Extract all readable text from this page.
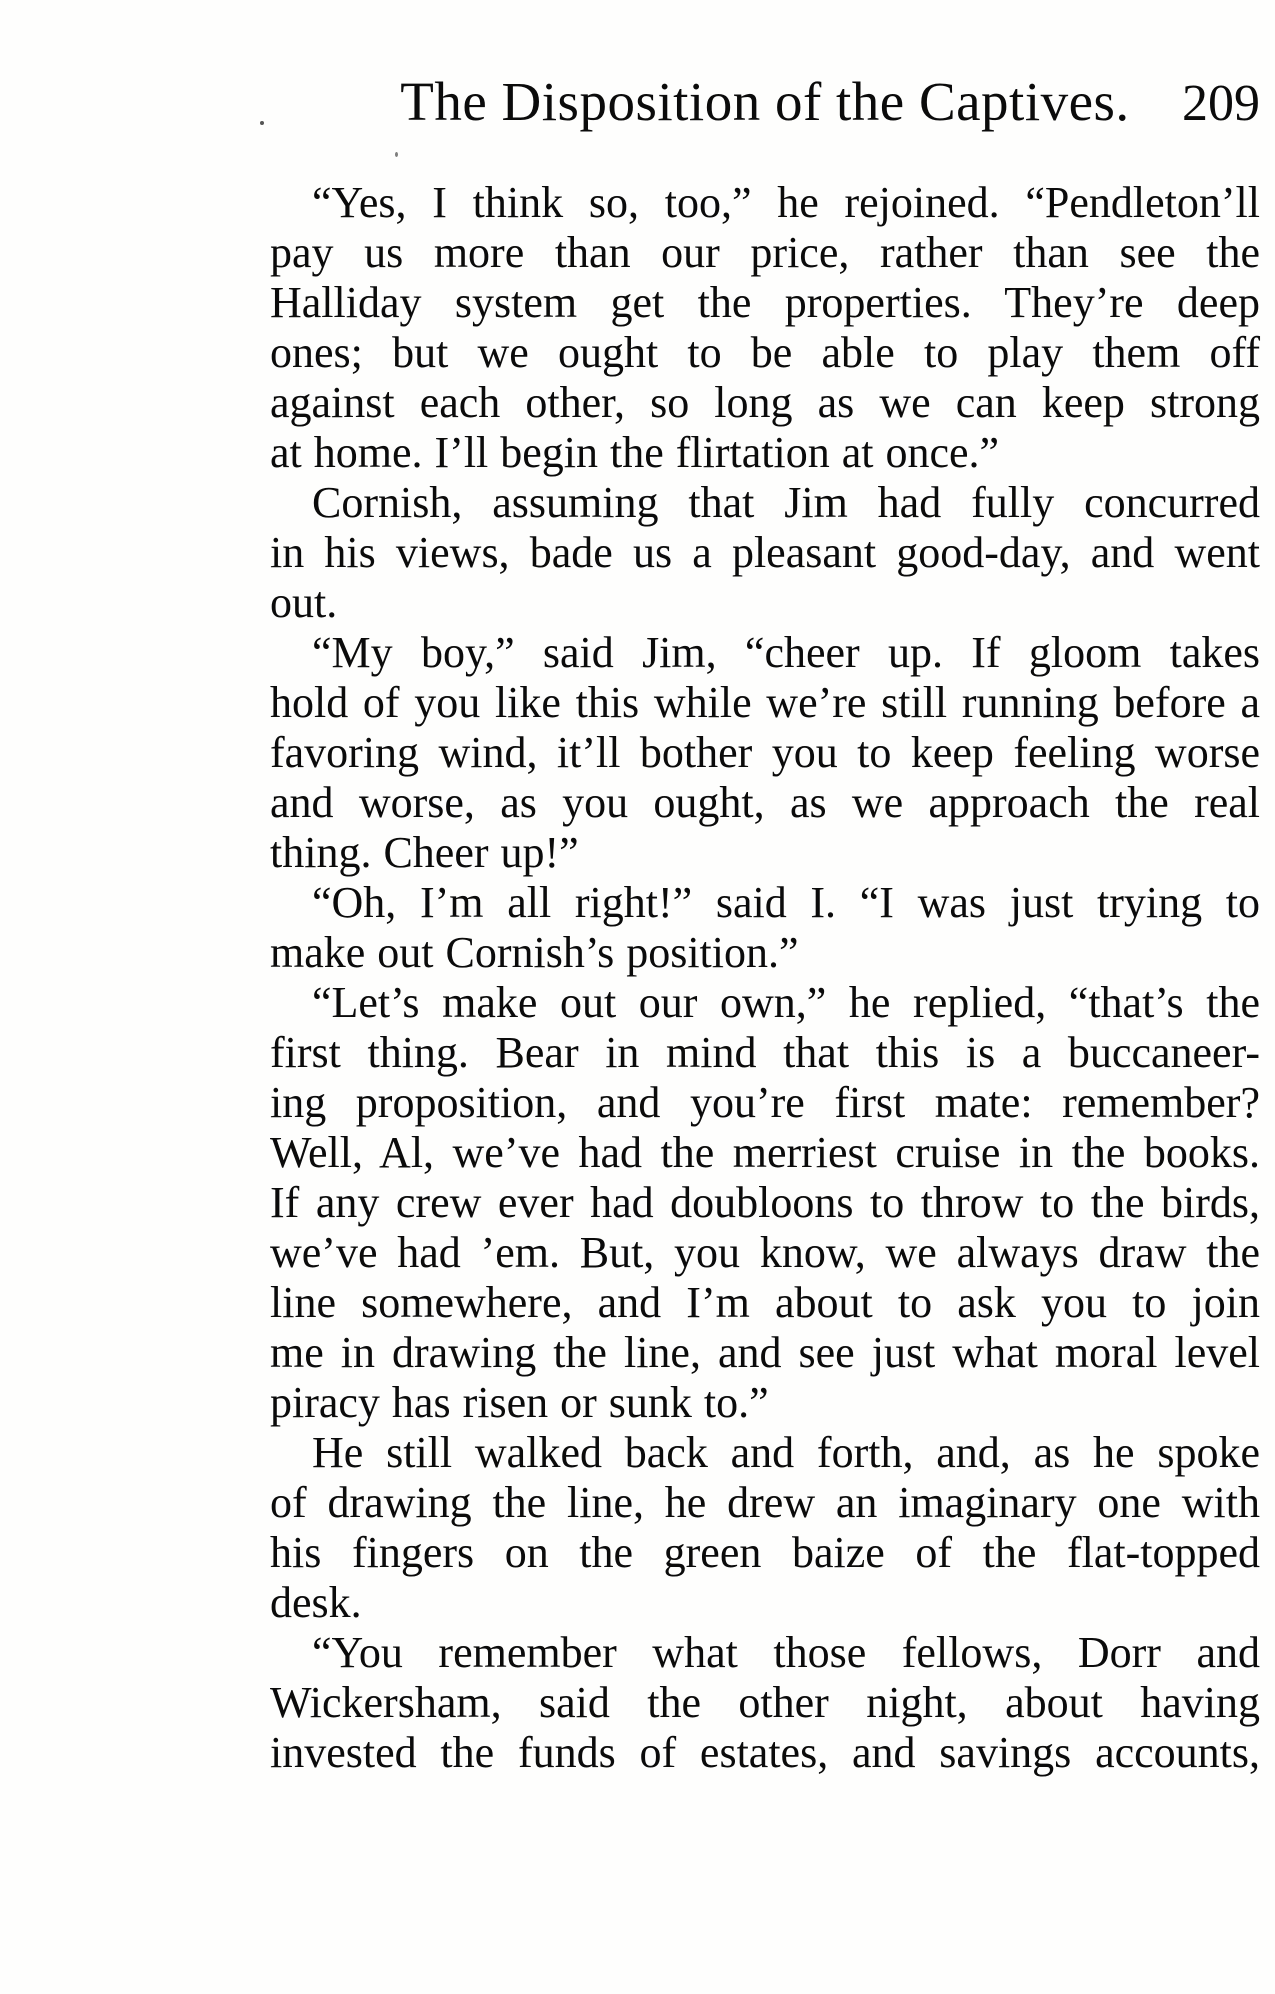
The Disposition of the Captives.	209
“Yes, I think so, too,” he rejoined. “Pendleton’ll
pay us more than our price, rather than see the
Halliday system get the properties. They’re deep
ones; but we ought to be able to play them off
against each other, so long as we can keep strong
at home. I’ll begin the flirtation at once.”
Cornish, assuming that Jim had fully concurred
in his views, bade us a pleasant good-day, and went
out.
“My boy,” said Jim, “cheer up. If gloom takes
hold of you like this while we’re still running before a
favoring wind, it’ll bother you to keep feeling worse
and worse, as you ought, as we approach the real
thing. Cheer up!”
“Oh, I’m all right!” said I. “I was just trying to
make out Cornish’s position.”
“Let’s make out our own,” he replied, “that’s the
first thing. Bear in mind that this is a buccaneer-
ing proposition, and you’re first mate: remember?
Well, Al, we’ve had the merriest cruise in the books.
If any crew ever had doubloons to throw to the birds,
we’ve had ’em. But, you know, we always draw the
line somewhere, and I’m about to ask you to join
me in drawing the line, and see just what moral level
piracy has risen or sunk to.”
He still walked back and forth, and, as he spoke
of drawing the line, he drew an imaginary one with
his fingers on the green baize of the flat-topped
desk.
“You remember what those fellows, Dorr and
Wickersham, said the other night, about having
invested the funds of estates, and savings accounts,
